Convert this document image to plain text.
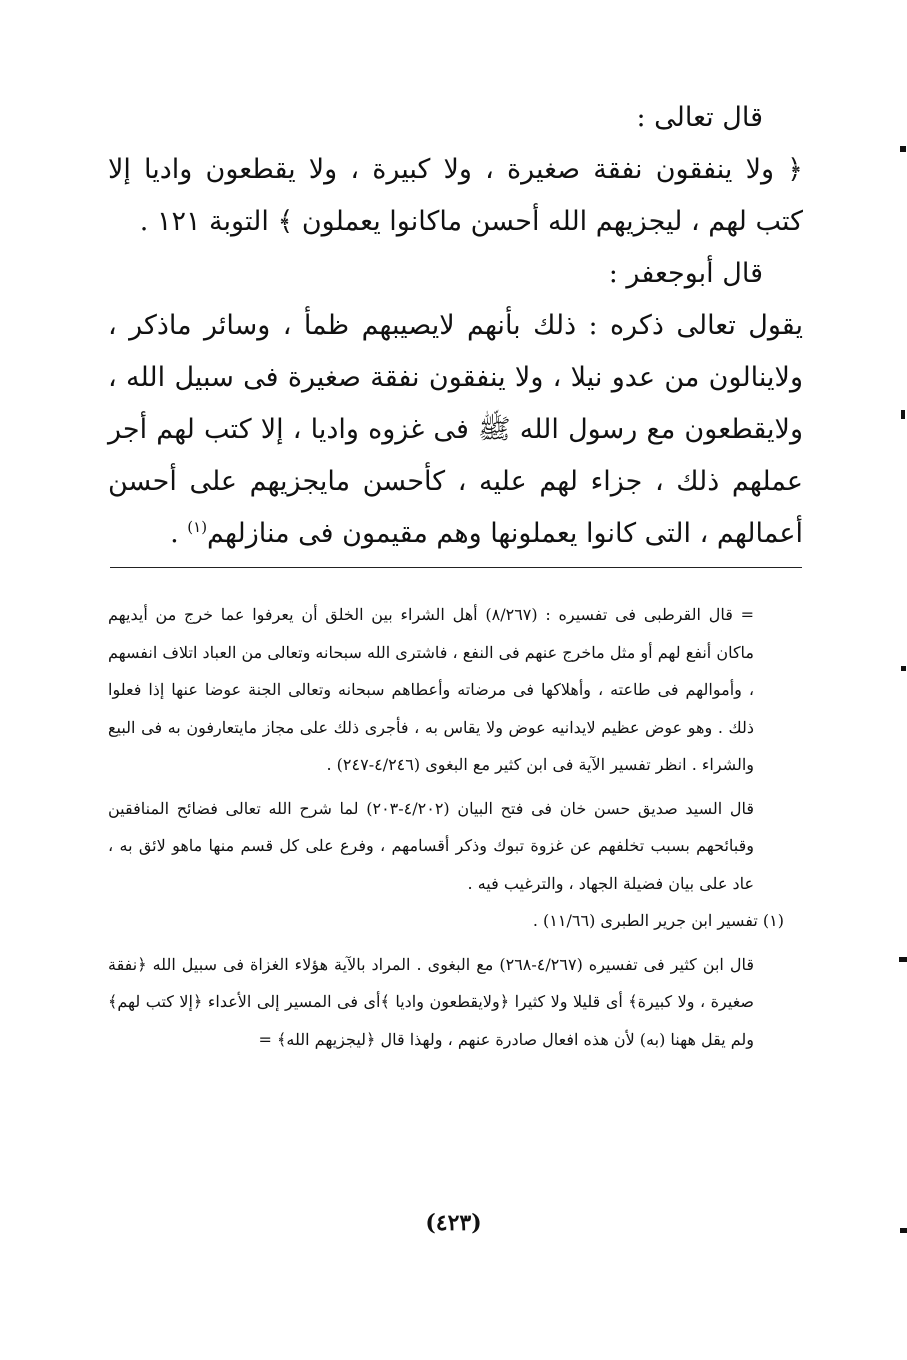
قال تعالى :

﴿ ولا ينفقون نفقة صغيرة ، ولا كبيرة ، ولا يقطعون واديا إلا كتب لهم ، ليجزيهم الله أحسن ماكانوا يعملون ﴾ التوبة ١٢١ .

قال أبوجعفر :

يقول تعالى ذكره : ذلك بأنهم لايصيبهم ظمأ ، وسائر ماذكر ، ولاينالون من عدو نيلا ، ولا ينفقون نفقة صغيرة فى سبيل الله ، ولايقطعون مع رسول الله ﷺ فى غزوه واديا ، إلا كتب لهم أجر عملهم ذلك ، جزاء لهم عليه ، كأحسن مايجزيهم على أحسن أعمالهم ، التى كانوا يعملونها وهم مقيمون فى منازلهم$^{(١)}$ .

= قال القرطبى فى تفسيره : (٨/٢٦٧) أهل الشراء بين الخلق أن يعرفوا عما خرج من أيديهم ماكان أنفع لهم أو مثل ماخرج عنهم فى النفع ، فاشترى الله سبحانه وتعالى من العباد اتلاف انفسهم ، وأموالهم فى طاعته ، وأهلاكها فى مرضاته وأعطاهم سبحانه وتعالى الجنة عوضا عنها إذا فعلوا ذلك . وهو عوض عظيم لايدانيه عوض ولا يقاس به ، فأجرى ذلك على مجاز مايتعارفون به فى البيع والشراء . انظر تفسير الآية فى ابن كثير مع البغوى (٤/٢٤٦-٢٤٧) .

قال السيد صديق حسن خان فى فتح البيان (٤/٢٠٢-٢٠٣) لما شرح الله تعالى فضائح المنافقين وقبائحهم بسبب تخلفهم عن غزوة تبوك وذكر أقسامهم ، وفرع على كل قسم منها ماهو لائق به ، عاد على بيان فضيلة الجهاد ، والترغيب فيه .

(١) تفسير ابن جرير الطبرى (١١/٦٦) .

قال ابن كثير فى تفسيره (٤/٢٦٧-٢٦٨) مع البغوى . المراد بالآية هؤلاء الغزاة فى سبيل الله ﴿نفقة صغيرة ، ولا كبيرة﴾ أى قليلا ولا كثيرا ﴿ولايقطعون واديا ﴾أى فى المسير إلى الأعداء ﴿إلا كتب لهم﴾ ولم يقل ههنا (به) لأن هذه افعال صادرة عنهم ، ولهذا قال ﴿ليجزيهم الله﴾ =

(٤٢٣)
